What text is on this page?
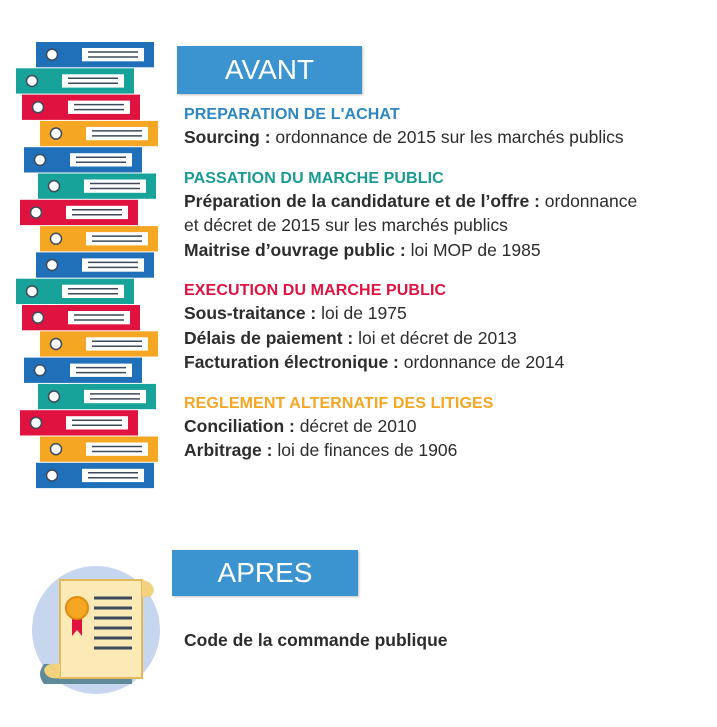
AVANT
PREPARATION DE L'ACHAT
Sourcing : ordonnance de 2015 sur les marchés publics
PASSATION DU MARCHE PUBLIC
Préparation de la candidature et de l’offre : ordonnance
et décret de 2015 sur les marchés publics
Maitrise d’ouvrage public : loi MOP de 1985
EXECUTION DU MARCHE PUBLIC
Sous-traitance : loi de 1975
Délais de paiement : loi et décret de 2013
Facturation électronique : ordonnance de 2014
REGLEMENT ALTERNATIF DES LITIGES
Conciliation : décret de 2010
Arbitrage : loi de finances de 1906
APRES
Code de la commande publique
